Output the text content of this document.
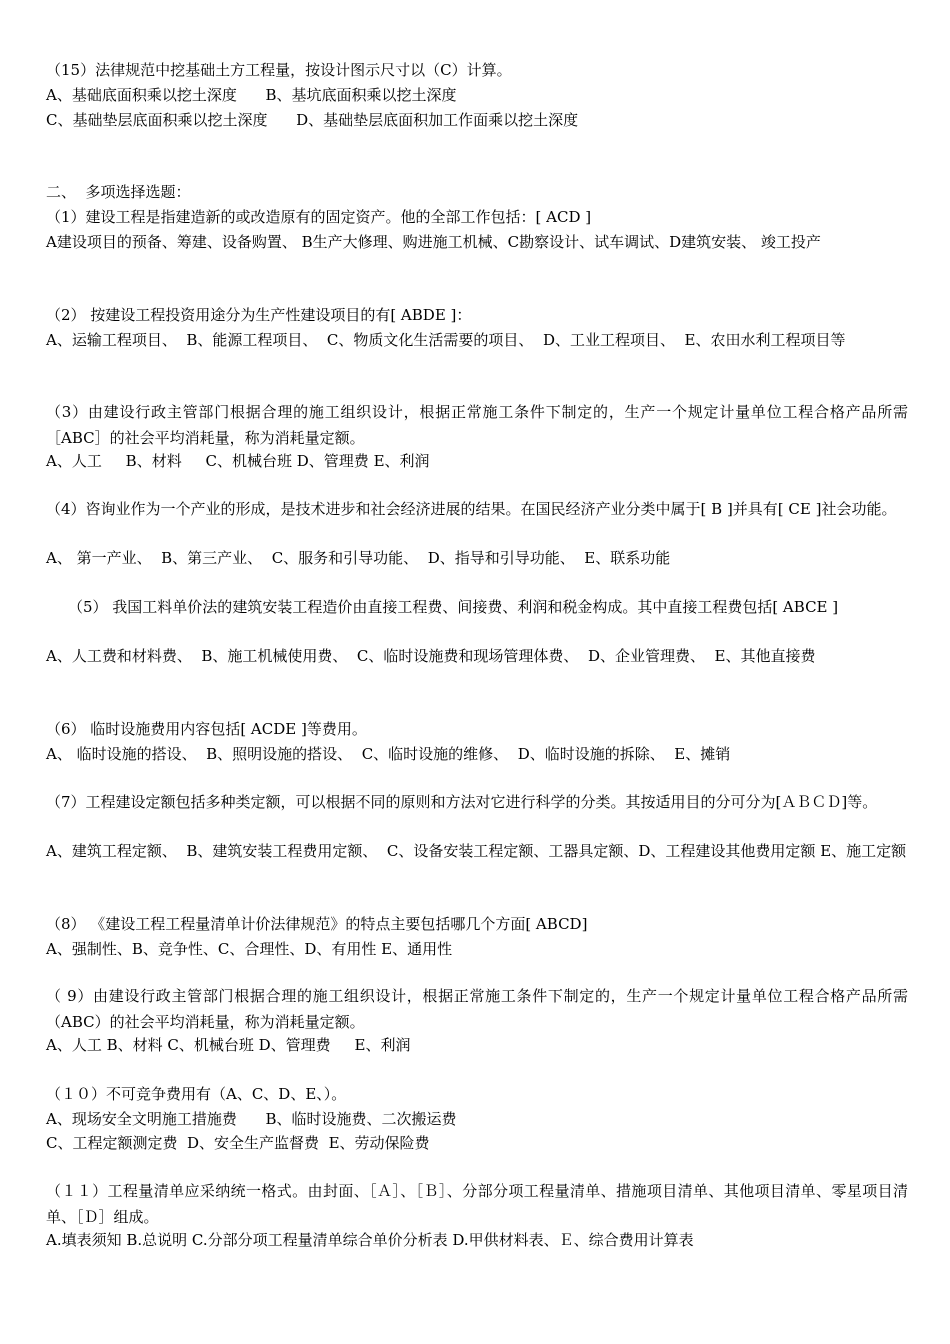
（15）法律规范中挖基础土方工程量，按设计图示尺寸以（C）计算。
A、基础底面积乘以挖土深度      B、基坑底面积乘以挖土深度
C、基础垫层底面积乘以挖土深度      D、基础垫层底面积加工作面乘以挖土深度
二、  多项选择选题：
（1）建设工程是指建造新的或改造原有的固定资产。他的全部工作包括：[ ACD ]
A建设项目的预备、筹建、设备购置、 B生产大修理、购进施工机械、C勘察设计、试车调试、D建筑安装、 竣工投产
（2） 按建设工程投资用途分为生产性建设项目的有[ ABDE ]：
A、运输工程项目、  B、能源工程项目、  C、物质文化生活需要的项目、  D、工业工程项目、  E、农田水利工程项目等
（3）由建设行政主管部门根据合理的施工组织设计，根据正常施工条件下制定的，生产一个规定计量单位工程合格产品所需［ABC］的社会平均消耗量，称为消耗量定额。
A、人工     B、材料     C、机械台班 D、管理费 E、利润
（4）咨询业作为一个产业的形成，是技术进步和社会经济进展的结果。在国民经济产业分类中属于[ B ]并具有[ CE ]社会功能。
A、 第一产业、  B、第三产业、  C、服务和引导功能、  D、指导和引导功能、  E、联系功能
（5） 我国工料单价法的建筑安装工程造价由直接工程费、间接费、利润和税金构成。其中直接工程费包括[ ABCE ]
A、人工费和材料费、  B、施工机械使用费、  C、临时设施费和现场管理体费、  D、企业管理费、  E、其他直接费
（6） 临时设施费用内容包括[ ACDE ]等费用。
A、 临时设施的搭设、  B、照明设施的搭设、  C、临时设施的维修、  D、临时设施的拆除、  E、摊销
（7）工程建设定额包括多种类定额，可以根据不同的原则和方法对它进行科学的分类。其按适用目的分可分为[ＡＢＣＤ]等。
A、建筑工程定额、  B、建筑安装工程费用定额、  C、设备安装工程定额、工器具定额、D、工程建设其他费用定额 E、施工定额
（8） 《建设工程工程量清单计价法律规范》的特点主要包括哪几个方面[ ABCD]
A、强制性、B、竞争性、C、合理性、D、有用性 E、通用性
（ 9）由建设行政主管部门根据合理的施工组织设计，根据正常施工条件下制定的，生产一个规定计量单位工程合格产品所需（ABC）的社会平均消耗量，称为消耗量定额。
A、人工 B、材料 C、机械台班 D、管理费     E、利润
（１０）不可竞争费用有（A、C、D、E、）。
A、现场安全文明施工措施费      B、临时设施费、二次搬运费
C、工程定额测定费  D、安全生产监督费  E、劳动保险费
（１１）工程量清单应采纳统一格式。由封面、［Ａ］、［Ｂ］、分部分项工程量清单、措施项目清单、其他项目清单、零星项目清单、［Ｄ］组成。
A.填表须知 B.总说明 C.分部分项工程量清单综合单价分析表 D.甲供材料表、Ｅ、综合费用计算表
